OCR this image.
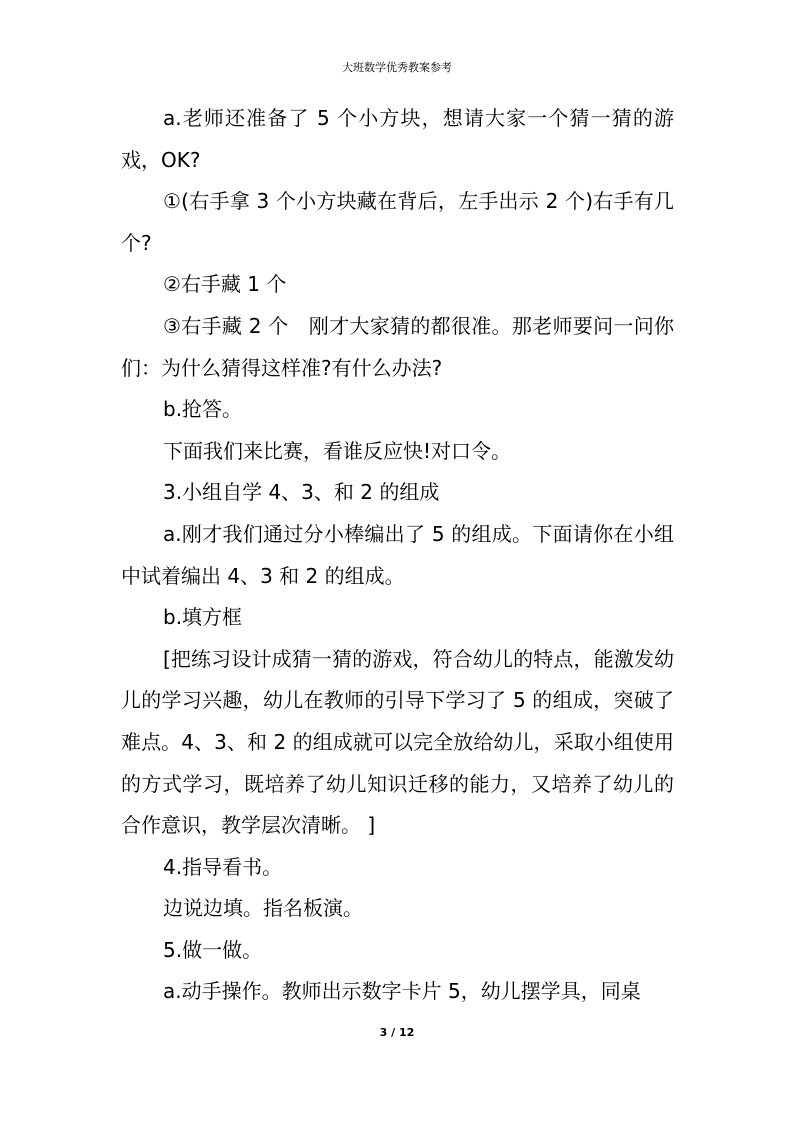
大班数学优秀教案参考

a.老师还准备了 5 个小方块，想请大家一个猜一猜的游戏，OK?

①(右手拿 3 个小方块藏在背后，左手出示 2 个)右手有几个?

②右手藏 1 个

③右手藏 2 个　刚才大家猜的都很准。那老师要问一问你们：为什么猜得这样准?有什么办法?

b.抢答。

下面我们来比赛，看谁反应快!对口令。

3.小组自学 4、3、和 2 的组成

a.刚才我们通过分小棒编出了 5 的组成。下面请你在小组中试着编出 4、3 和 2 的组成。

b.填方框

[把练习设计成猜一猜的游戏，符合幼儿的特点，能激发幼儿的学习兴趣，幼儿在教师的引导下学习了 5 的组成，突破了难点。4、3、和 2 的组成就可以完全放给幼儿，采取小组使用的方式学习，既培养了幼儿知识迁移的能力，又培养了幼儿的合作意识，教学层次清晰。 ]

4.指导看书。

边说边填。指名板演。

5.做一做。

a.动手操作。教师出示数字卡片 5，幼儿摆学具，同桌

3 / 12
